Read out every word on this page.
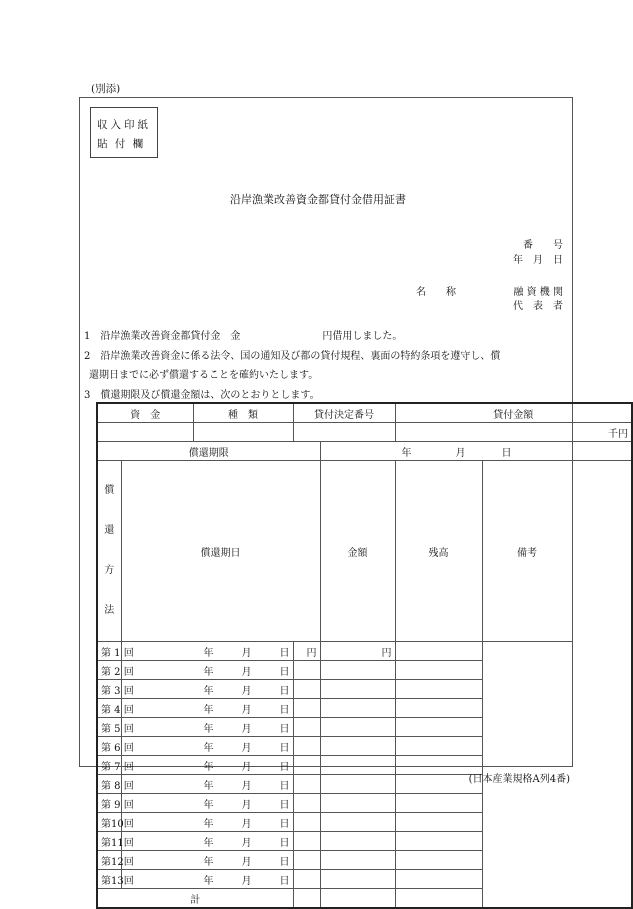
(別添)
収入印紙
貼 付 欄
沿岸漁業改善資金都貸付金借用証書
番　　号
年　月　日
名　　称	融 資 機 関
代　表　者

1　 沿岸漁業改善資金都貸付金　金	円借用しました。

2　 沿岸漁業改善資金に係る法令、国の通知及び都の貸付規程、裏面の特約条項を遵守し、償

還期日までに必ず償還することを確約いたします。

3　 償還期限及び償還金額は、次のとおりとします。

資　金		種　類	貸付決定番号		貸付金額	
					千円	
償還期限				年 月 日		

償
還
方
法	償還期日			金額	残高	備考
第 1 回	年 月 日		円	円		
第 2 回	年 月 日					

第 3 回	年 月 日					

第 4 回	年 月 日					

第 5 回	年 月 日					

第 6 回	年 月 日					

第 7 回	年 月 日					

第 8 回	年 月 日					

第 9 回	年 月 日					

第10回	年 月 日					

第11回	年 月 日					

第12回	年 月 日					

第13回	年 月 日					

計						
(日本産業規格A列4番)
